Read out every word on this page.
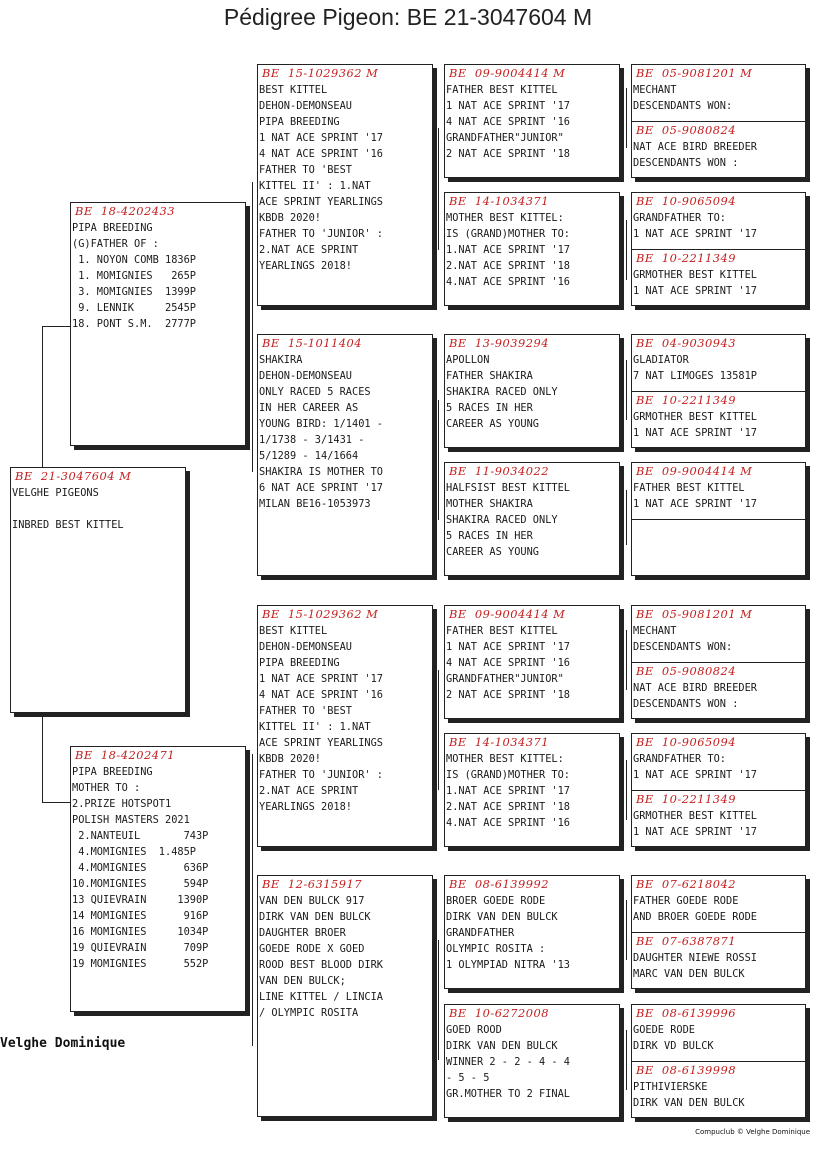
Pédigree Pigeon: BE 21-3047604 M
BE  21-3047604 M
VELGHE PIGEONS

INBRED BEST KITTEL
BE  18-4202433
PIPA BREEDING
(G)FATHER OF :
1. NOYON COMB 1836P
1. MOMIGNIES   265P
3. MOMIGNIES  1399P
9. LENNIK     2545P
18. PONT S.M.  2777P
BE  18-4202471
PIPA BREEDING
MOTHER TO :
2.PRIZE HOTSPOT1
POLISH MASTERS 2021
2.NANTEUIL       743P
4.MOMIGNIES  1.485P
4.MOMIGNIES      636P
10.MOMIGNIES      594P
13 QUIEVRAIN     1390P
14 MOMIGNIES      916P
16 MOMIGNIES     1034P
19 QUIEVRAIN      709P
19 MOMIGNIES      552P
BE  15-1029362 M
BEST KITTEL
DEHON-DEMONSEAU
PIPA BREEDING
1 NAT ACE SPRINT '17
4 NAT ACE SPRINT '16
FATHER TO 'BEST
KITTEL II' : 1.NAT
ACE SPRINT YEARLINGS
KBDB 2020!
FATHER TO 'JUNIOR' :
2.NAT ACE SPRINT
YEARLINGS 2018!
BE  15-1011404
SHAKIRA
DEHON-DEMONSEAU
ONLY RACED 5 RACES
IN HER CAREER AS
YOUNG BIRD: 1/1401 -
1/1738 - 3/1431 -
5/1289 - 14/1664
SHAKIRA IS MOTHER TO
6 NAT ACE SPRINT '17
MILAN BE16-1053973
BE  15-1029362 M
BEST KITTEL
DEHON-DEMONSEAU
PIPA BREEDING
1 NAT ACE SPRINT '17
4 NAT ACE SPRINT '16
FATHER TO 'BEST
KITTEL II' : 1.NAT
ACE SPRINT YEARLINGS
KBDB 2020!
FATHER TO 'JUNIOR' :
2.NAT ACE SPRINT
YEARLINGS 2018!
BE  12-6315917
VAN DEN BULCK 917
DIRK VAN DEN BULCK
DAUGHTER BROER
GOEDE RODE X GOED
ROOD BEST BLOOD DIRK
VAN DEN BULCK;
LINE KITTEL / LINCIA
/ OLYMPIC ROSITA
BE  09-9004414 M
FATHER BEST KITTEL
1 NAT ACE SPRINT '17
4 NAT ACE SPRINT '16
GRANDFATHER"JUNIOR"
2 NAT ACE SPRINT '18
BE  14-1034371
MOTHER BEST KITTEL:
IS (GRAND)MOTHER TO:
1.NAT ACE SPRINT '17
2.NAT ACE SPRINT '18
4.NAT ACE SPRINT '16
BE  13-9039294
APOLLON
FATHER SHAKIRA
SHAKIRA RACED ONLY
5 RACES IN HER
CAREER AS YOUNG
BE  11-9034022
HALFSIST BEST KITTEL
MOTHER SHAKIRA
SHAKIRA RACED ONLY
5 RACES IN HER
CAREER AS YOUNG
BE  09-9004414 M
FATHER BEST KITTEL
1 NAT ACE SPRINT '17
4 NAT ACE SPRINT '16
GRANDFATHER"JUNIOR"
2 NAT ACE SPRINT '18
BE  14-1034371
MOTHER BEST KITTEL:
IS (GRAND)MOTHER TO:
1.NAT ACE SPRINT '17
2.NAT ACE SPRINT '18
4.NAT ACE SPRINT '16
BE  08-6139992
BROER GOEDE RODE
DIRK VAN DEN BULCK
GRANDFATHER
OLYMPIC ROSITA :
1 OLYMPIAD NITRA '13
BE  10-6272008
GOED ROOD
DIRK VAN DEN BULCK
WINNER 2 - 2 - 4 - 4
- 5 - 5
GR.MOTHER TO 2 FINAL
BE  05-9081201 M
MECHANT
DESCENDANTS WON:
BE  05-9080824
NAT ACE BIRD BREEDER
DESCENDANTS WON :
BE  10-9065094
GRANDFATHER TO:
1 NAT ACE SPRINT '17
BE  10-2211349
GRMOTHER BEST KITTEL
1 NAT ACE SPRINT '17
BE  04-9030943
GLADIATOR
7 NAT LIMOGES 13581P
BE  10-2211349
GRMOTHER BEST KITTEL
1 NAT ACE SPRINT '17
BE  09-9004414 M
FATHER BEST KITTEL
1 NAT ACE SPRINT '17
BE  05-9081201 M
MECHANT
DESCENDANTS WON:
BE  05-9080824
NAT ACE BIRD BREEDER
DESCENDANTS WON :
BE  10-9065094
GRANDFATHER TO:
1 NAT ACE SPRINT '17
BE  10-2211349
GRMOTHER BEST KITTEL
1 NAT ACE SPRINT '17
BE  07-6218042
FATHER GOEDE RODE
AND BROER GOEDE RODE
BE  07-6387871
DAUGHTER NIEWE ROSSI
MARC VAN DEN BULCK
BE  08-6139996
GOEDE RODE
DIRK VD BULCK
BE  08-6139998
PITHIVIERSKE
DIRK VAN DEN BULCK
Velghe Dominique
Compuclub © Velghe Dominique
